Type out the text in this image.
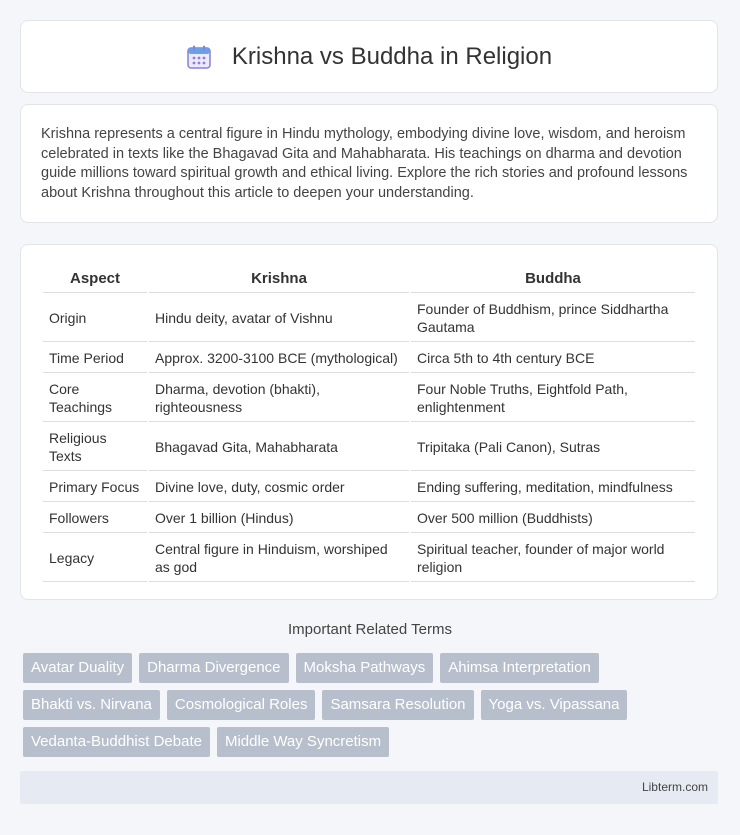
Krishna vs Buddha in Religion

Krishna represents a central figure in Hindu mythology, embodying divine love, wisdom, and heroism celebrated in texts like the Bhagavad Gita and Mahabharata. His teachings on dharma and devotion guide millions toward spiritual growth and ethical living. Explore the rich stories and profound lessons about Krishna throughout this article to deepen your understanding.

Aspect	Krishna	Buddha
Origin	Hindu deity, avatar of Vishnu	Founder of Buddhism, prince Siddhartha Gautama
Time Period	Approx. 3200-3100 BCE (mythological)	Circa 5th to 4th century BCE
Core Teachings	Dharma, devotion (bhakti), righteousness	Four Noble Truths, Eightfold Path, enlightenment
Religious Texts	Bhagavad Gita, Mahabharata	Tripitaka (Pali Canon), Sutras
Primary Focus	Divine love, duty, cosmic order	Ending suffering, meditation, mindfulness
Followers	Over 1 billion (Hindus)	Over 500 million (Buddhists)
Legacy	Central figure in Hinduism, worshiped as god	Spiritual teacher, founder of major world religion
Important Related Terms
Avatar Duality	Dharma Divergence	Moksha Pathways	Ahimsa Interpretation
Bhakti vs. Nirvana	Cosmological Roles	Samsara Resolution	Yoga vs. Vipassana
Vedanta-Buddhist Debate	Middle Way Syncretism
Libterm.com
